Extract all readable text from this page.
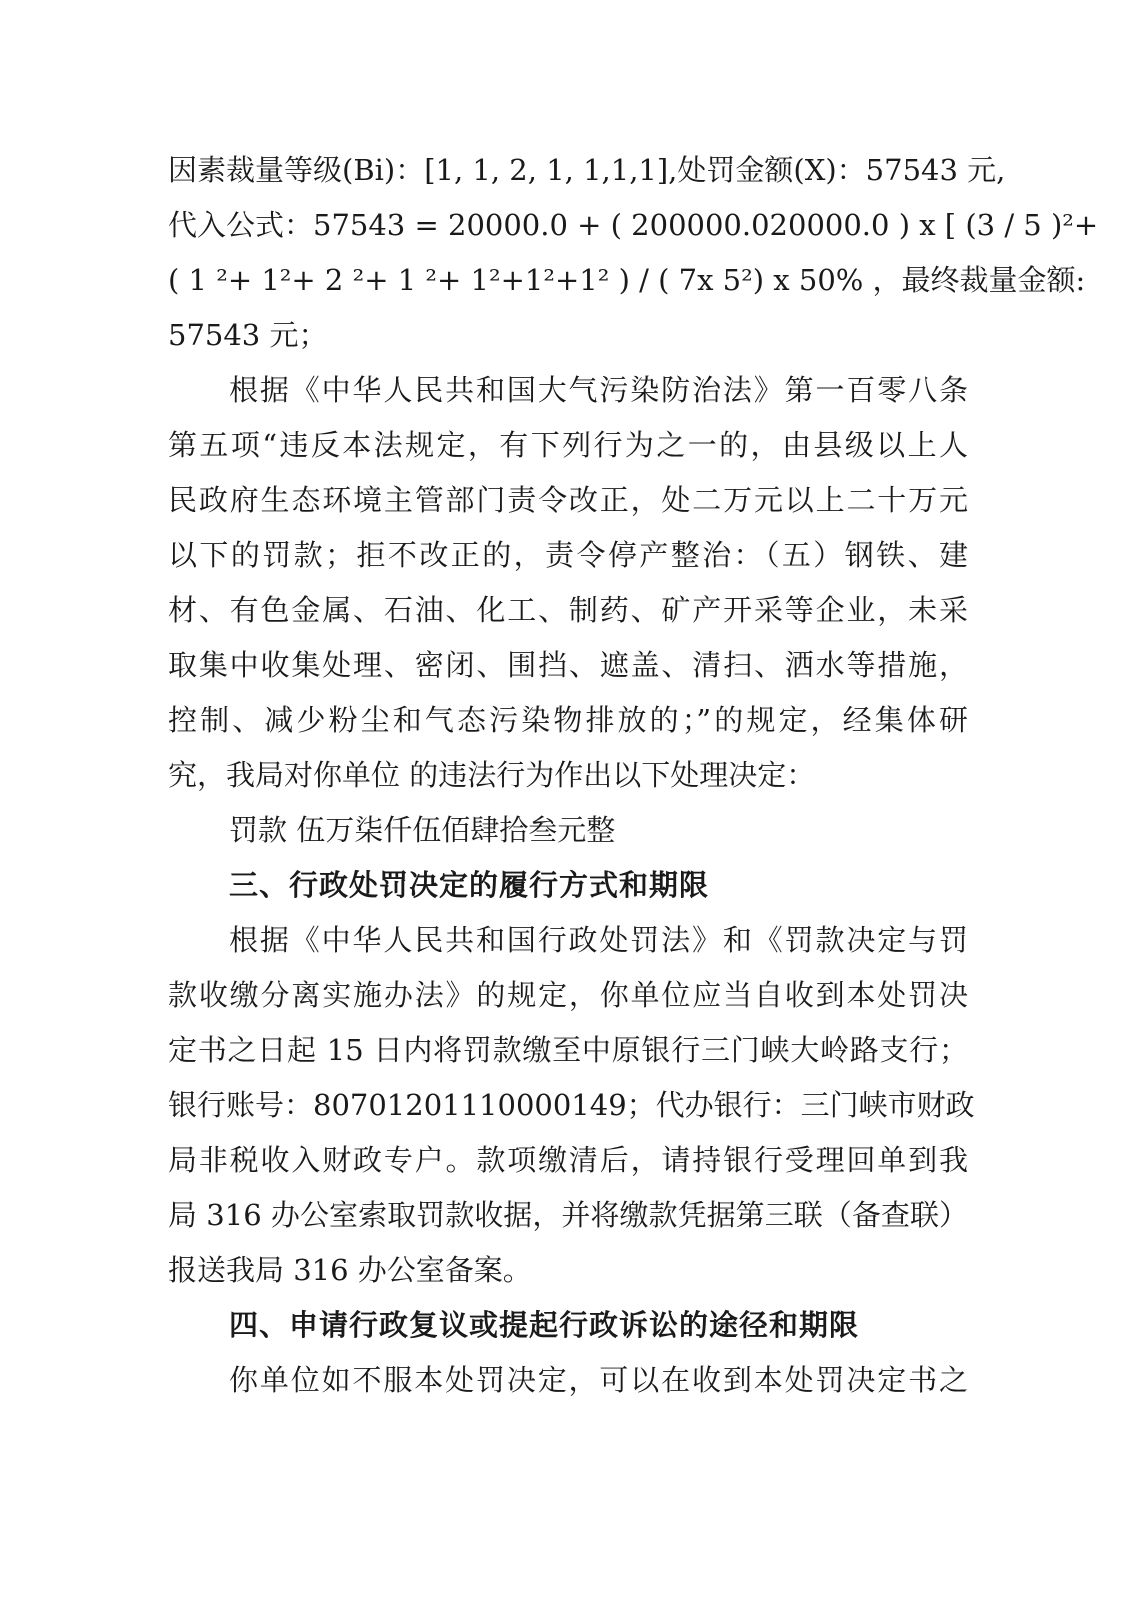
因素裁量等级(Bi)：[1, 1, 2, 1, 1,1,1],处罚金额(X)：57543 元,
代入公式：57543 = 20000.0 + ( 200000.020000.0 ) x [ (3 / 5 )²+
( 1 ²+ 1²+ 2 ²+ 1 ²+ 1²+1²+1² ) / ( 7x 5²) x 50% ，最终裁量金额:
57543 元；
根据《中华人民共和国大气污染防治法》第一百零八条
第五项“违反本法规定，有下列行为之一的，由县级以上人
民政府生态环境主管部门责令改正，处二万元以上二十万元
以下的罚款；拒不改正的，责令停产整治：（五）钢铁、建
材、有色金属、石油、化工、制药、矿产开采等企业，未采
取集中收集处理、密闭、围挡、遮盖、清扫、洒水等措施，
控制、减少粉尘和气态污染物排放的；”的规定，经集体研
究，我局对你单位 的违法行为作出以下处理决定：
罚款 伍万柒仟伍佰肆拾叁元整
三、行政处罚决定的履行方式和期限
根据《中华人民共和国行政处罚法》和《罚款决定与罚
款收缴分离实施办法》的规定，你单位应当自收到本处罚决
定书之日起 15 日内将罚款缴至中原银行三门峡大岭路支行；
银行账号：80701201110000149；代办银行：三门峡市财政
局非税收入财政专户。款项缴清后，请持银行受理回单到我
局 316 办公室索取罚款收据，并将缴款凭据第三联（备查联）
报送我局 316 办公室备案。
四、申请行政复议或提起行政诉讼的途径和期限
你单位如不服本处罚决定，可以在收到本处罚决定书之
